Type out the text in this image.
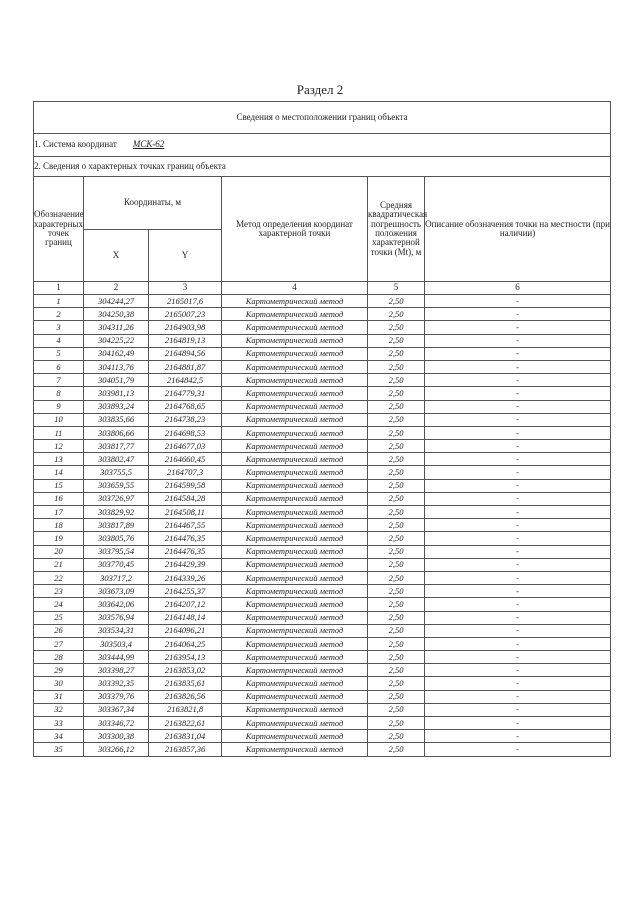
Раздел 2
Сведения о местоположении границ объекта					
1. Система координат МСК-62					
2. Сведения о характерных точках границ объекта					
Обозначение характерных точек границ	Координаты, м		Метод определения координат характерной точки	Средняя квадратическая погрешность положения характерной точки (Mt), м	Описание обозначения точки на местности (при наличии)
	X	Y			
1	2	3	4	5	6
1	304244,27	2165017,6	Картометрический метод	2,50	-
2	304250,38	2165007,23	Картометрический метод	2,50	-
3	304311,26	2164903,98	Картометрический метод	2,50	-
4	304225,22	2164819,13	Картометрический метод	2,50	-
5	304162,49	2164894,56	Картометрический метод	2,50	-
6	304113,76	2164881,87	Картометрический метод	2,50	-
7	304051,79	2164842,5	Картометрический метод	2,50	-
8	303981,13	2164779,31	Картометрический метод	2,50	-
9	303893,24	2164768,65	Картометрический метод	2,50	-
10	303835,66	2164738,23	Картометрический метод	2,50	-
11	303806,66	2164698,53	Картометрический метод	2,50	-
12	303817,77	2164677,03	Картометрический метод	2,50	-
13	303802,47	2164660,45	Картометрический метод	2,50	-
14	303755,5	2164707,3	Картометрический метод	2,50	-
15	303659,55	2164599,58	Картометрический метод	2,50	-
16	303726,97	2164584,28	Картометрический метод	2,50	-
17	303829,92	2164508,11	Картометрический метод	2,50	-
18	303817,89	2164467,55	Картометрический метод	2,50	-
19	303805,76	2164476,35	Картометрический метод	2,50	-
20	303795,54	2164476,35	Картометрический метод	2,50	-
21	303770,45	2164429,39	Картометрический метод	2,50	-
22	303717,2	2164339,26	Картометрический метод	2,50	-
23	303673,09	2164255,37	Картометрический метод	2,50	-
24	303642,06	2164207,12	Картометрический метод	2,50	-
25	303576,94	2164148,14	Картометрический метод	2,50	-
26	303534,31	2164096,21	Картометрический метод	2,50	-
27	303503,4	2164064,25	Картометрический метод	2,50	-
28	303444,99	2163954,13	Картометрический метод	2,50	-
29	303398,27	2163853,02	Картометрический метод	2,50	-
30	303392,35	2163835,61	Картометрический метод	2,50	-
31	303379,76	2163826,56	Картометрический метод	2,50	-
32	303367,34	2163821,8	Картометрический метод	2,50	-
33	303346,72	2163822,61	Картометрический метод	2,50	-
34	303300,38	2163831,04	Картометрический метод	2,50	-
35	303266,12	2163857,36	Картометрический метод	2,50	-
